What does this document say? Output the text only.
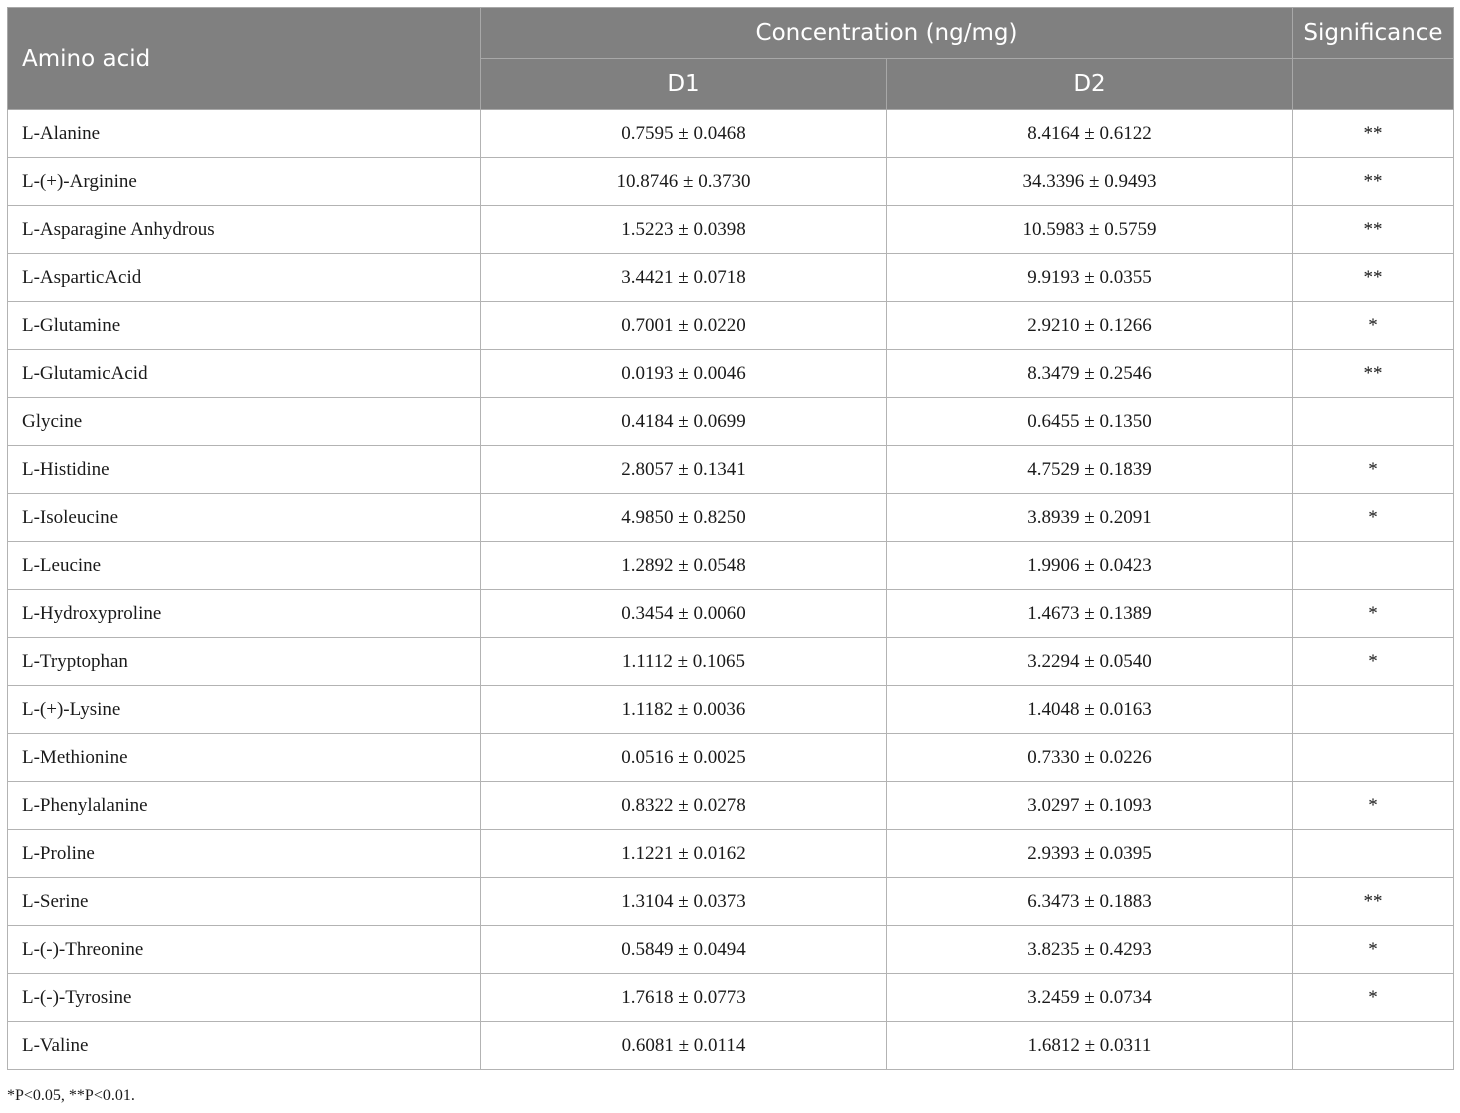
Amino acid	Concentration (ng/mg)		Significance
	D1	D2	
L-Alanine	0.7595 ± 0.0468	8.4164 ± 0.6122	**
L-(+)-Arginine	10.8746 ± 0.3730	34.3396 ± 0.9493	**
L-Asparagine Anhydrous	1.5223 ± 0.0398	10.5983 ± 0.5759	**
L-AsparticAcid	3.4421 ± 0.0718	9.9193 ± 0.0355	**
L-Glutamine	0.7001 ± 0.0220	2.9210 ± 0.1266	*
L-GlutamicAcid	0.0193 ± 0.0046	8.3479 ± 0.2546	**
Glycine	0.4184 ± 0.0699	0.6455 ± 0.1350	
L-Histidine	2.8057 ± 0.1341	4.7529 ± 0.1839	*
L-Isoleucine	4.9850 ± 0.8250	3.8939 ± 0.2091	*
L-Leucine	1.2892 ± 0.0548	1.9906 ± 0.0423	
L-Hydroxyproline	0.3454 ± 0.0060	1.4673 ± 0.1389	*
L-Tryptophan	1.1112 ± 0.1065	3.2294 ± 0.0540	*
L-(+)-Lysine	1.1182 ± 0.0036	1.4048 ± 0.0163	
L-Methionine	0.0516 ± 0.0025	0.7330 ± 0.0226	
L-Phenylalanine	0.8322 ± 0.0278	3.0297 ± 0.1093	*
L-Proline	1.1221 ± 0.0162	2.9393 ± 0.0395	
L-Serine	1.3104 ± 0.0373	6.3473 ± 0.1883	**
L-(-)-Threonine	0.5849 ± 0.0494	3.8235 ± 0.4293	*
L-(-)-Tyrosine	1.7618 ± 0.0773	3.2459 ± 0.0734	*
L-Valine	0.6081 ± 0.0114	1.6812 ± 0.0311	
*P<0.05, **P<0.01.
